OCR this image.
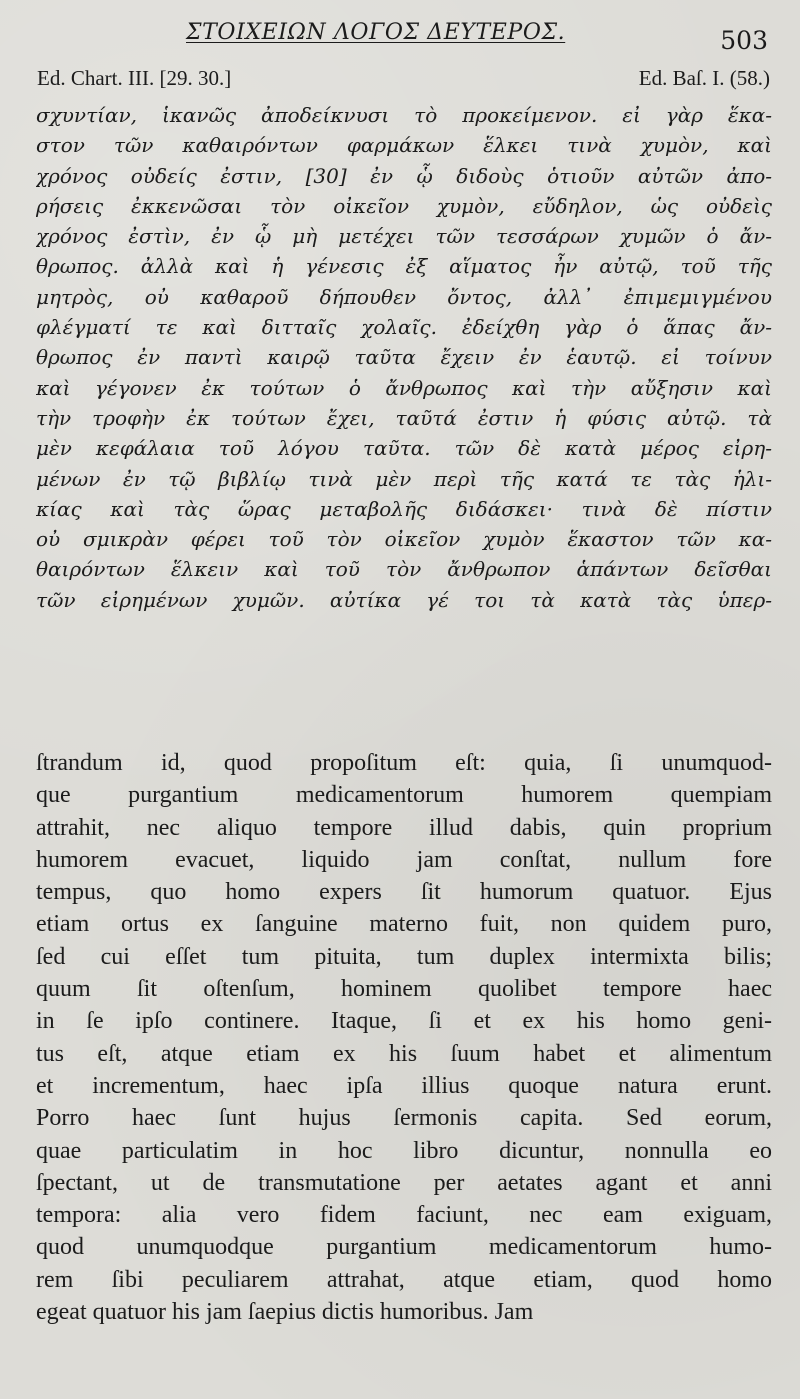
ΣΤΟΙΧΕΙΩΝ ΛΟΓΟΣ ΔΕΥΤΕΡΟΣ.	503
Ed. Chart. III. [29. 30.]	Ed. Baſ. I. (58.)
σχυντίαν, ἱκανῶς ἀποδείκνυσι τὸ προκείμενον. εἰ γὰρ ἕκα-
στον τῶν καθαιρόντων φαρμάκων ἕλκει τινὰ χυμὸν, καὶ
χρόνος οὐδείς ἐστιν, [30] ἐν ᾧ διδοὺς ὁτιοῦν αὐτῶν ἀπο-
ρήσεις ἐκκενῶσαι τὸν οἰκεῖον χυμὸν, εὔδηλον, ὡς οὐδεὶς
χρόνος ἐστὶν, ἐν ᾧ μὴ μετέχει τῶν τεσσάρων χυμῶν ὁ ἄν-
θρωπος. ἀλλὰ καὶ ἡ γένεσις ἐξ αἵματος ἦν αὐτῷ, τοῦ τῆς
μητρὸς, οὐ καθαροῦ δήπουθεν ὄντος, ἀλλ᾽ ἐπιμεμιγμένου
φλέγματί τε καὶ διτταῖς χολαῖς. ἐδείχθη γὰρ ὁ ἅπας ἄν-
θρωπος ἐν παντὶ καιρῷ ταῦτα ἔχειν ἐν ἑαυτῷ. εἰ τοίνυν
καὶ γέγονεν ἐκ τούτων ὁ ἄνθρωπος καὶ τὴν αὔξησιν καὶ
τὴν τροφὴν ἐκ τούτων ἔχει, ταῦτά ἐστιν ἡ φύσις αὐτῷ. τὰ
μὲν κεφάλαια τοῦ λόγου ταῦτα. τῶν δὲ κατὰ μέρος εἰρη-
μένων ἐν τῷ βιβλίῳ τινὰ μὲν περὶ τῆς κατά τε τὰς ἡλι-
κίας καὶ τὰς ὥρας μεταβολῆς διδάσκει· τινὰ δὲ πίστιν
οὐ σμικρὰν φέρει τοῦ τὸν οἰκεῖον χυμὸν ἕκαστον τῶν κα-
θαιρόντων ἕλκειν καὶ τοῦ τὸν ἄνθρωπον ἁπάντων δεῖσθαι
τῶν εἰρημένων χυμῶν. αὐτίκα γέ τοι τὰ κατὰ τὰς ὑπερ-
ſtrandum id, quod propoſitum eſt: quia, ſi unumquod-
que purgantium medicamentorum humorem quempiam
attrahit, nec aliquo tempore illud dabis, quin proprium
humorem evacuet, liquido jam conſtat, nullum fore
tempus, quo homo expers ſit humorum quatuor. Ejus
etiam ortus ex ſanguine materno fuit, non quidem puro,
ſed cui eſſet tum pituita, tum duplex intermixta bilis;
quum ſit oſtenſum, hominem quolibet tempore haec
in ſe ipſo continere. Itaque, ſi et ex his homo geni-
tus eſt, atque etiam ex his ſuum habet et alimentum
et incrementum, haec ipſa illius quoque natura erunt.
Porro haec ſunt hujus ſermonis capita. Sed eorum,
quae particulatim in hoc libro dicuntur, nonnulla eo
ſpectant, ut de transmutatione per aetates agant et anni
tempora: alia vero fidem faciunt, nec eam exiguam,
quod unumquodque purgantium medicamentorum humo-
rem ſibi peculiarem attrahat, atque etiam, quod homo
egeat quatuor his jam ſaepius dictis humoribus. Jam
